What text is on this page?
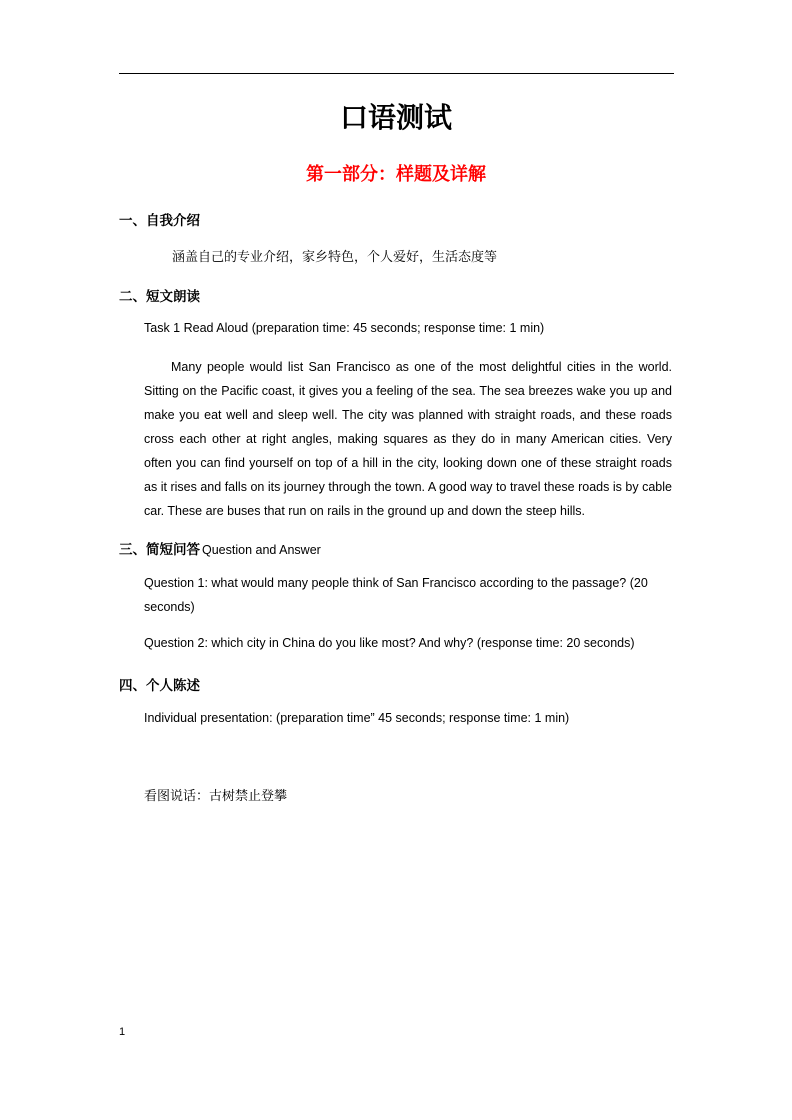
口语测试
第一部分：样题及详解
一、自我介绍
涵盖自己的专业介绍，家乡特色，个人爱好，生活态度等
二、短文朗读
Task 1 Read Aloud (preparation time: 45 seconds; response time: 1 min)
Many people would list San Francisco as one of the most delightful cities in the world. Sitting on the Pacific coast, it gives you a feeling of the sea. The sea breezes wake you up and make you eat well and sleep well. The city was planned with straight roads, and these roads cross each other at right angles, making squares as they do in many American cities. Very often you can find yourself on top of a hill in the city, looking down one of these straight roads as it rises and falls on its journey through the town. A good way to travel these roads is by cable car. These are buses that run on rails in the ground up and down the steep hills.
三、简短问答 Question and Answer
Question 1: what would many people think of San Francisco according to the passage? (20 seconds)
Question 2: which city in China do you like most? And why? (response time: 20 seconds)
四、个人陈述
Individual presentation: (preparation time” 45 seconds; response time: 1 min)
看图说话：古树禁止登攀
1
